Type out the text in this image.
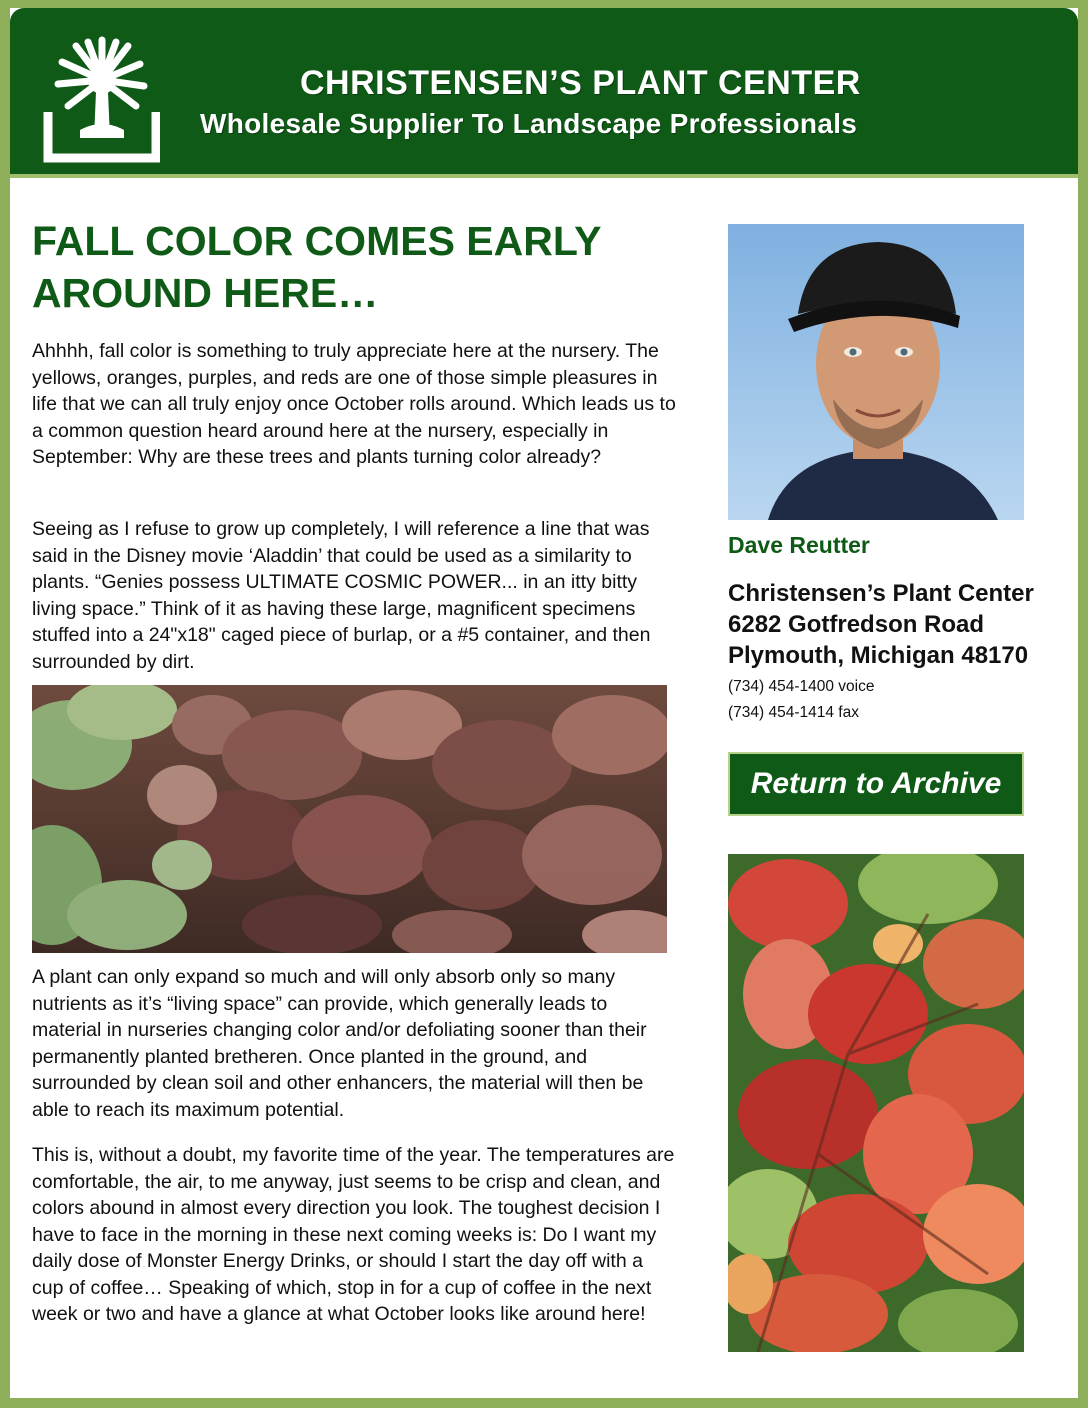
CHRISTENSEN’S PLANT CENTER
Wholesale Supplier To Landscape Professionals
FALL COLOR COMES EARLY
AROUND HERE…

Ahhhh, fall color is something to truly appreciate here at the nursery. The yellows, oranges, purples, and reds are one of those simple pleasures in life that we can all truly enjoy once October rolls around. Which leads us to a common question heard around here at the nursery, especially in September: Why are these trees and plants turning color already?

Seeing as I refuse to grow up completely, I will reference a line that was said in the Disney movie ‘Aladdin’ that could be used as a similarity to plants. “Genies possess ULTIMATE COSMIC POWER... in an itty bitty living space.” Think of it as having these large, magnificent specimens stuffed into a 24"x18" caged piece of burlap, or a #5 container, and then surrounded by dirt.

A plant can only expand so much and will only absorb only so many nutrients as it’s “living space” can provide, which generally leads to material in nurseries changing color and/or defoliating sooner than their permanently planted bretheren. Once planted in the ground, and surrounded by clean soil and other enhancers, the material will then be able to reach its maximum potential.

This is, without a doubt, my favorite time of the year. The temperatures are comfortable, the air, to me anyway, just seems to be crisp and clean, and colors abound in almost every direction you look. The toughest decision I have to face in the morning in these next coming weeks is: Do I want my daily dose of Monster Energy Drinks, or should I start the day off with a cup of coffee… Speaking of which, stop in for a cup of coffee in the next week or two and have a glance at what October looks like around here!

Dave Reutter
Christensen’s Plant Center
6282 Gotfredson Road
Plymouth, Michigan 48170
(734) 454-1400 voice
(734) 454-1414 fax
Return to Archive
